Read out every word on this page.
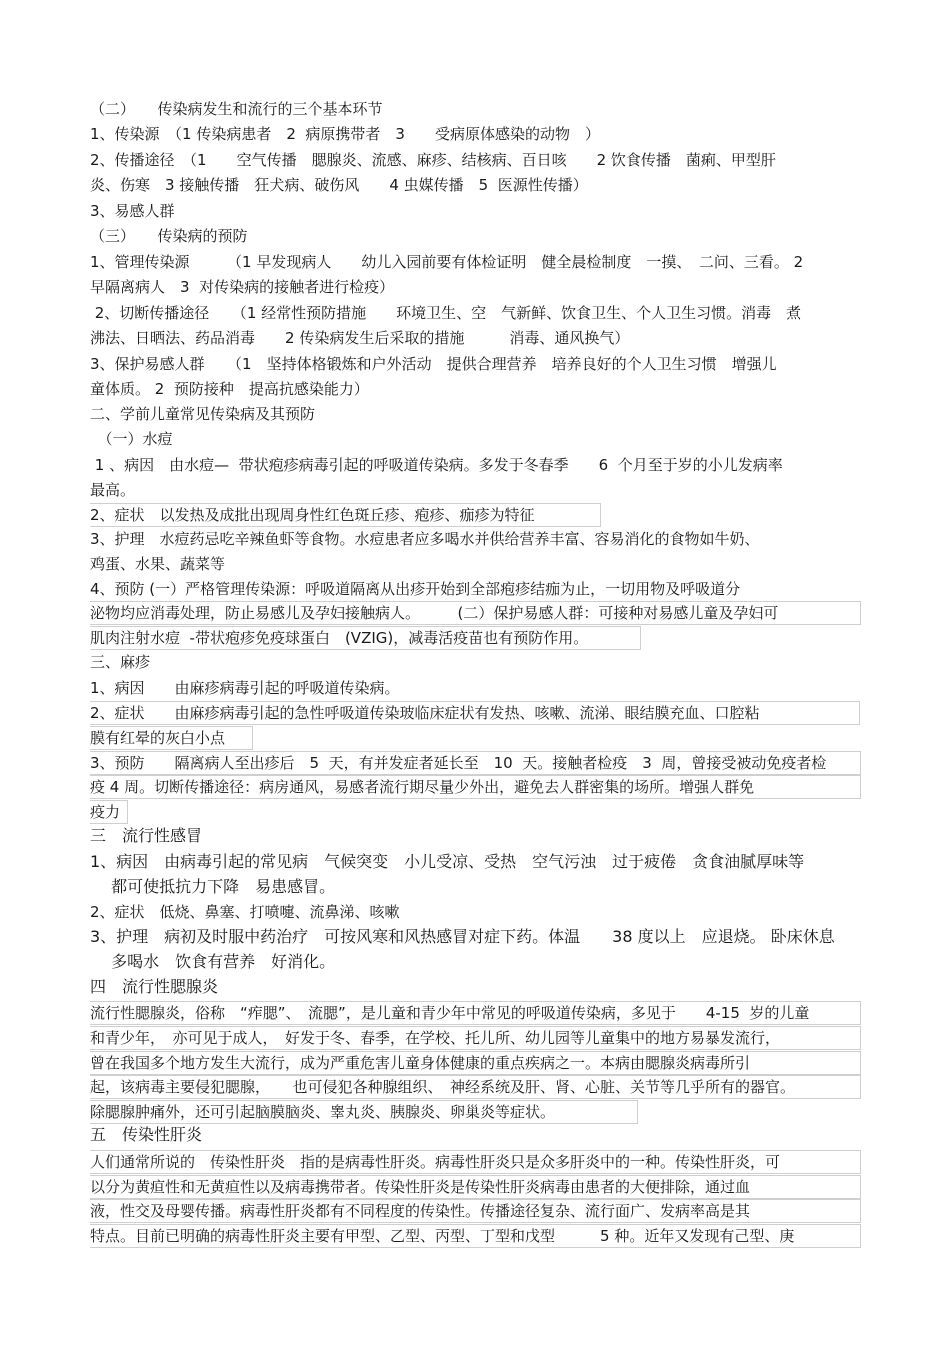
（二）　　传染病发生和流行的三个基本环节
1、传染源　（1 传染病患者　2  病原携带者　3　　受病原体感染的动物　）
2、传播途径　（1　　空气传播　腮腺炎、流感、麻疹、结核病、百日咳　　2 饮食传播　菌痢、甲型肝
炎、伤寒　3 接触传播　狂犬病、破伤风　　4 虫媒传播　5  医源性传播）
3、易感人群
（三）　　传染病的预防
1、管理传染源　　　（1 早发现病人　　幼儿入园前要有体检证明　健全晨检制度　一摸、　二问、三看。 2
早隔离病人　3  对传染病的接触者进行检疫）
2、切断传播途径　　（1 经常性预防措施　　环境卫生、空　气新鲜、饮食卫生、个人卫生习惯。消毒　煮
沸法、日晒法、药品消毒　　2 传染病发生后采取的措施　　　消毒、通风换气）
3、保护易感人群　　（1　坚持体格锻炼和户外活动　提供合理营养　培养良好的个人卫生习惯　增强儿
童体质。 2  预防接种　提高抗感染能力）
二、学前儿童常见传染病及其预防
　（一）水痘
1 、病因　由水痘—  带状疱疹病毒引起的呼吸道传染病。多发于冬春季　　6  个月至于岁的小儿发病率
最高。
2、症状　以发热及成批出现周身性红色斑丘疹、疱疹、痂疹为特征
3、护理　水痘药忌吃辛辣鱼虾等食物。水痘患者应多喝水并供给营养丰富、容易消化的食物如牛奶、
鸡蛋、水果、蔬菜等
4、预防 (一）严格管理传染源：呼吸道隔离从出疹开始到全部疱疹结痂为止，一切用物及呼吸道分
泌物均应消毒处理，防止易感儿及孕妇接触病人。　　　(二）保护易感人群：可接种对易感儿童及孕妇可
肌肉注射水痘  -带状疱疹免疫球蛋白　(VZIG)，减毒活疫苗也有预防作用。
三、麻疹
1、病因　　由麻疹病毒引起的呼吸道传染病。
2、症状　　由麻疹病毒引起的急性呼吸道传染玻临床症状有发热、咳嗽、流涕、眼结膜充血、口腔粘
膜有红晕的灰白小点
3、预防　　隔离病人至出疹后　5  天，有并发症者延长至　10  天。接触者检疫　3  周，曾接受被动免疫者检
疫 4 周。切断传播途径：病房通风，易感者流行期尽量少外出，避免去人群密集的场所。增强人群免
疫力
三　流行性感冒
1、病因　由病毒引起的常见病　气候突变　小儿受凉、受热　空气污浊　过于疲倦　贪食油腻厚味等
　 都可使抵抗力下降　易患感冒。
2、症状　低烧、鼻塞、打喷嚏、流鼻涕、咳嗽
3、护理　病初及时服中药治疗　可按风寒和风热感冒对症下药。体温　　38 度以上　应退烧。 卧床休息
　 多喝水　饮食有营养　好消化。
四　流行性腮腺炎
流行性腮腺炎，俗称　“痄腮”、　流腮”，是儿童和青少年中常见的呼吸道传染病，多见于　　4-15  岁的儿童
和青少年，　亦可见于成人，　好发于冬、春季，在学校、托儿所、幼儿园等儿童集中的地方易暴发流行，
曾在我国多个地方发生大流行，成为严重危害儿童身体健康的重点疾病之一。本病由腮腺炎病毒所引
起，该病毒主要侵犯腮腺，　　也可侵犯各种腺组织、　神经系统及肝、肾、心脏、关节等几乎所有的器官。
除腮腺肿痛外，还可引起脑膜脑炎、睾丸炎、胰腺炎、卵巢炎等症状。
五　传染性肝炎
人们通常所说的　传染性肝炎　指的是病毒性肝炎。病毒性肝炎只是众多肝炎中的一种。传染性肝炎，可
以分为黄疸性和无黄疸性以及病毒携带者。传染性肝炎是传染性肝炎病毒由患者的大便排除，通过血
液，性交及母婴传播。病毒性肝炎都有不同程度的传染性。传播途径复杂、流行面广、发病率高是其
特点。目前已明确的病毒性肝炎主要有甲型、乙型、丙型、丁型和戊型　　　5 种。近年又发现有己型、庚
